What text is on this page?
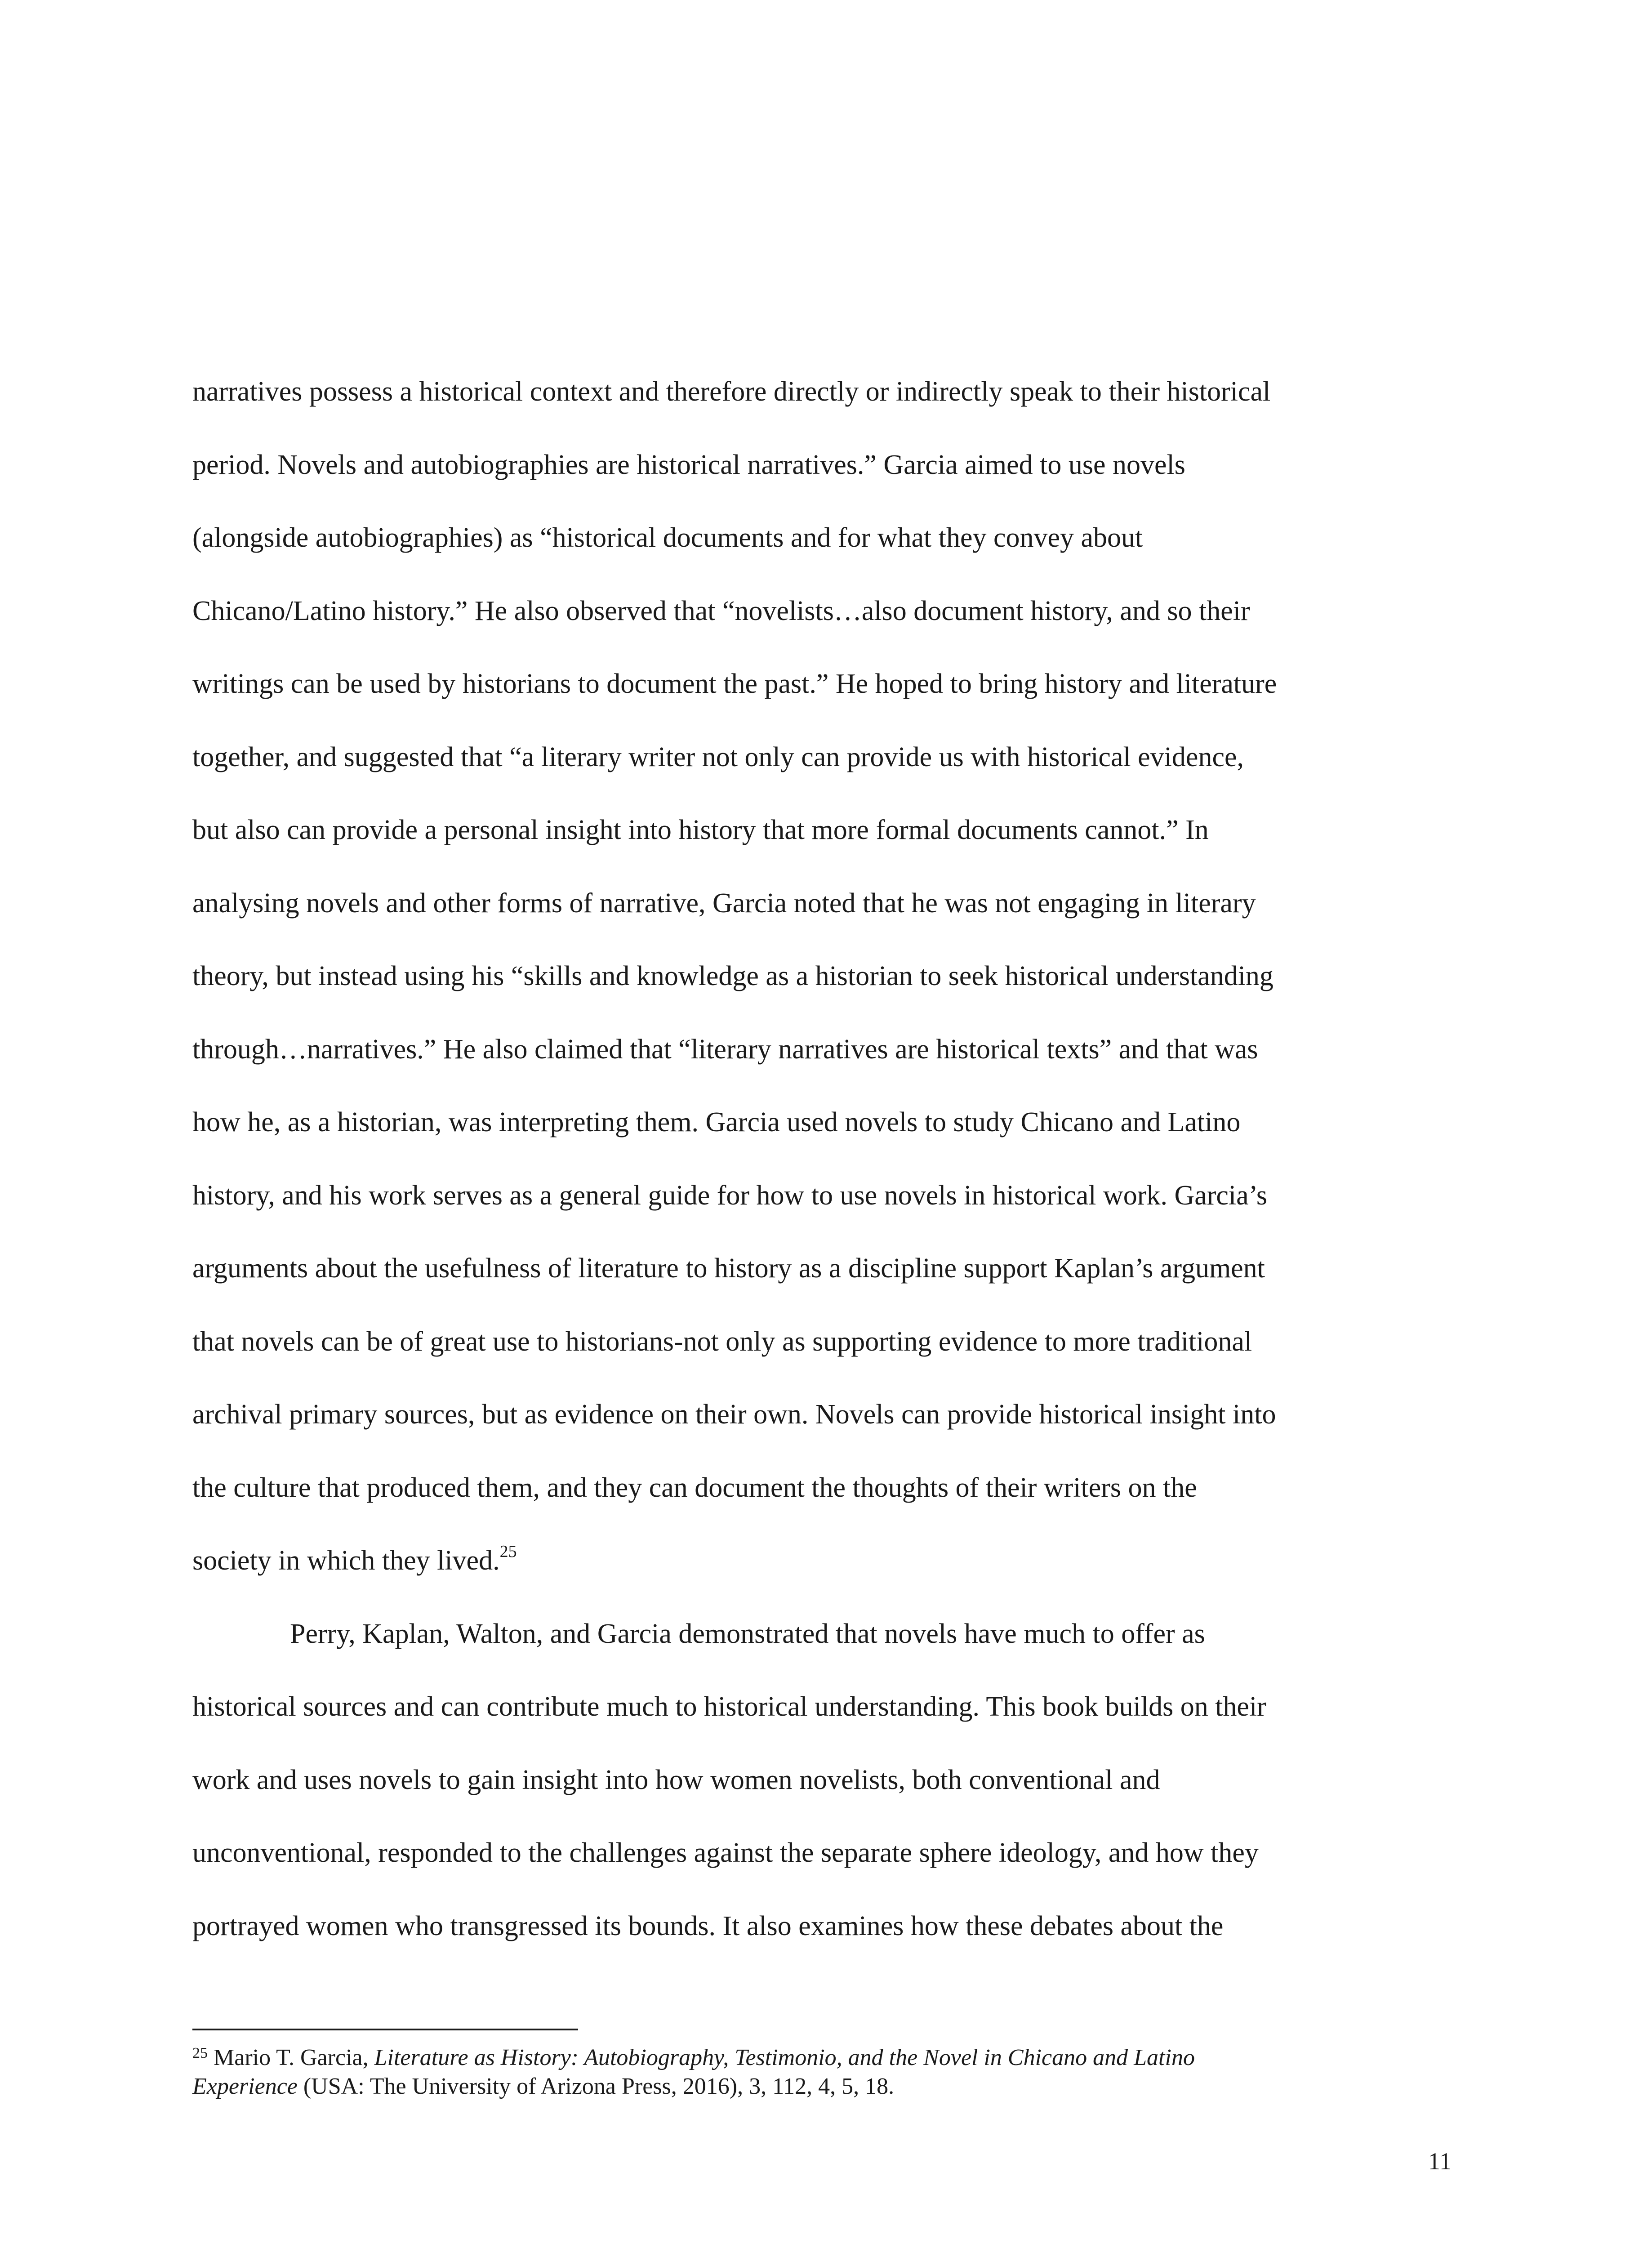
narratives possess a historical context and therefore directly or indirectly speak to their historical
period. Novels and autobiographies are historical narratives.” Garcia aimed to use novels
(alongside autobiographies) as “historical documents and for what they convey about
Chicano/Latino history.” He also observed that “novelists…also document history, and so their
writings can be used by historians to document the past.” He hoped to bring history and literature
together, and suggested that “a literary writer not only can provide us with historical evidence,
but also can provide a personal insight into history that more formal documents cannot.” In
analysing novels and other forms of narrative, Garcia noted that he was not engaging in literary
theory, but instead using his “skills and knowledge as a historian to seek historical understanding
through…narratives.” He also claimed that “literary narratives are historical texts” and that was
how he, as a historian, was interpreting them. Garcia used novels to study Chicano and Latino
history, and his work serves as a general guide for how to use novels in historical work. Garcia’s
arguments about the usefulness of literature to history as a discipline support Kaplan’s argument
that novels can be of great use to historians-not only as supporting evidence to more traditional
archival primary sources, but as evidence on their own. Novels can provide historical insight into
the culture that produced them, and they can document the thoughts of their writers on the
society in which they lived.$^{25}$
Perry, Kaplan, Walton, and Garcia demonstrated that novels have much to offer as
historical sources and can contribute much to historical understanding. This book builds on their
work and uses novels to gain insight into how women novelists, both conventional and
unconventional, responded to the challenges against the separate sphere ideology, and how they
portrayed women who transgressed its bounds. It also examines how these debates about the
$^{25}$ Mario T. Garcia, Literature as History: Autobiography, Testimonio, and the Novel in Chicano and Latino
Experience (USA: The University of Arizona Press, 2016), 3, 112, 4, 5, 18.
11
